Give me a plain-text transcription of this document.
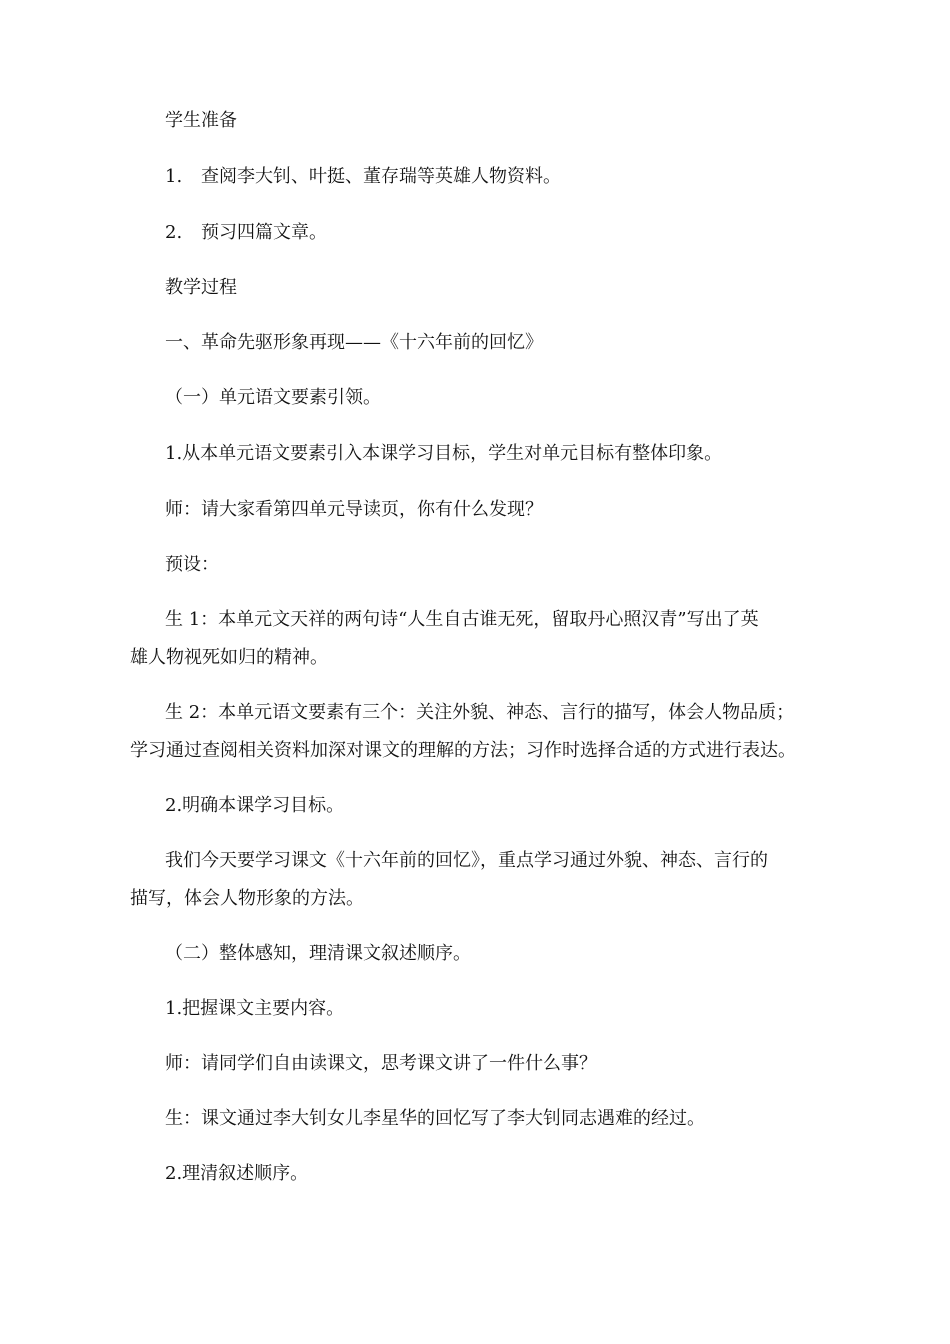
学生准备

1. 查阅李大钊、叶挺、董存瑞等英雄人物资料。

2. 预习四篇文章。

教学过程

一、革命先驱形象再现——《十六年前的回忆》

（一）单元语文要素引领。

1.从本单元语文要素引入本课学习目标，学生对单元目标有整体印象。

师：请大家看第四单元导读页，你有什么发现？

预设：

生 1：本单元文天祥的两句诗“人生自古谁无死，留取丹心照汉青”写出了英

雄人物视死如归的精神。

生 2：本单元语文要素有三个：关注外貌、神态、言行的描写，体会人物品质；

学习通过查阅相关资料加深对课文的理解的方法；习作时选择合适的方式进行表达。

2.明确本课学习目标。

我们今天要学习课文《十六年前的回忆》，重点学习通过外貌、神态、言行的

描写，体会人物形象的方法。

（二）整体感知，理清课文叙述顺序。

1.把握课文主要内容。

师：请同学们自由读课文，思考课文讲了一件什么事？

生：课文通过李大钊女儿李星华的回忆写了李大钊同志遇难的经过。

2.理清叙述顺序。
